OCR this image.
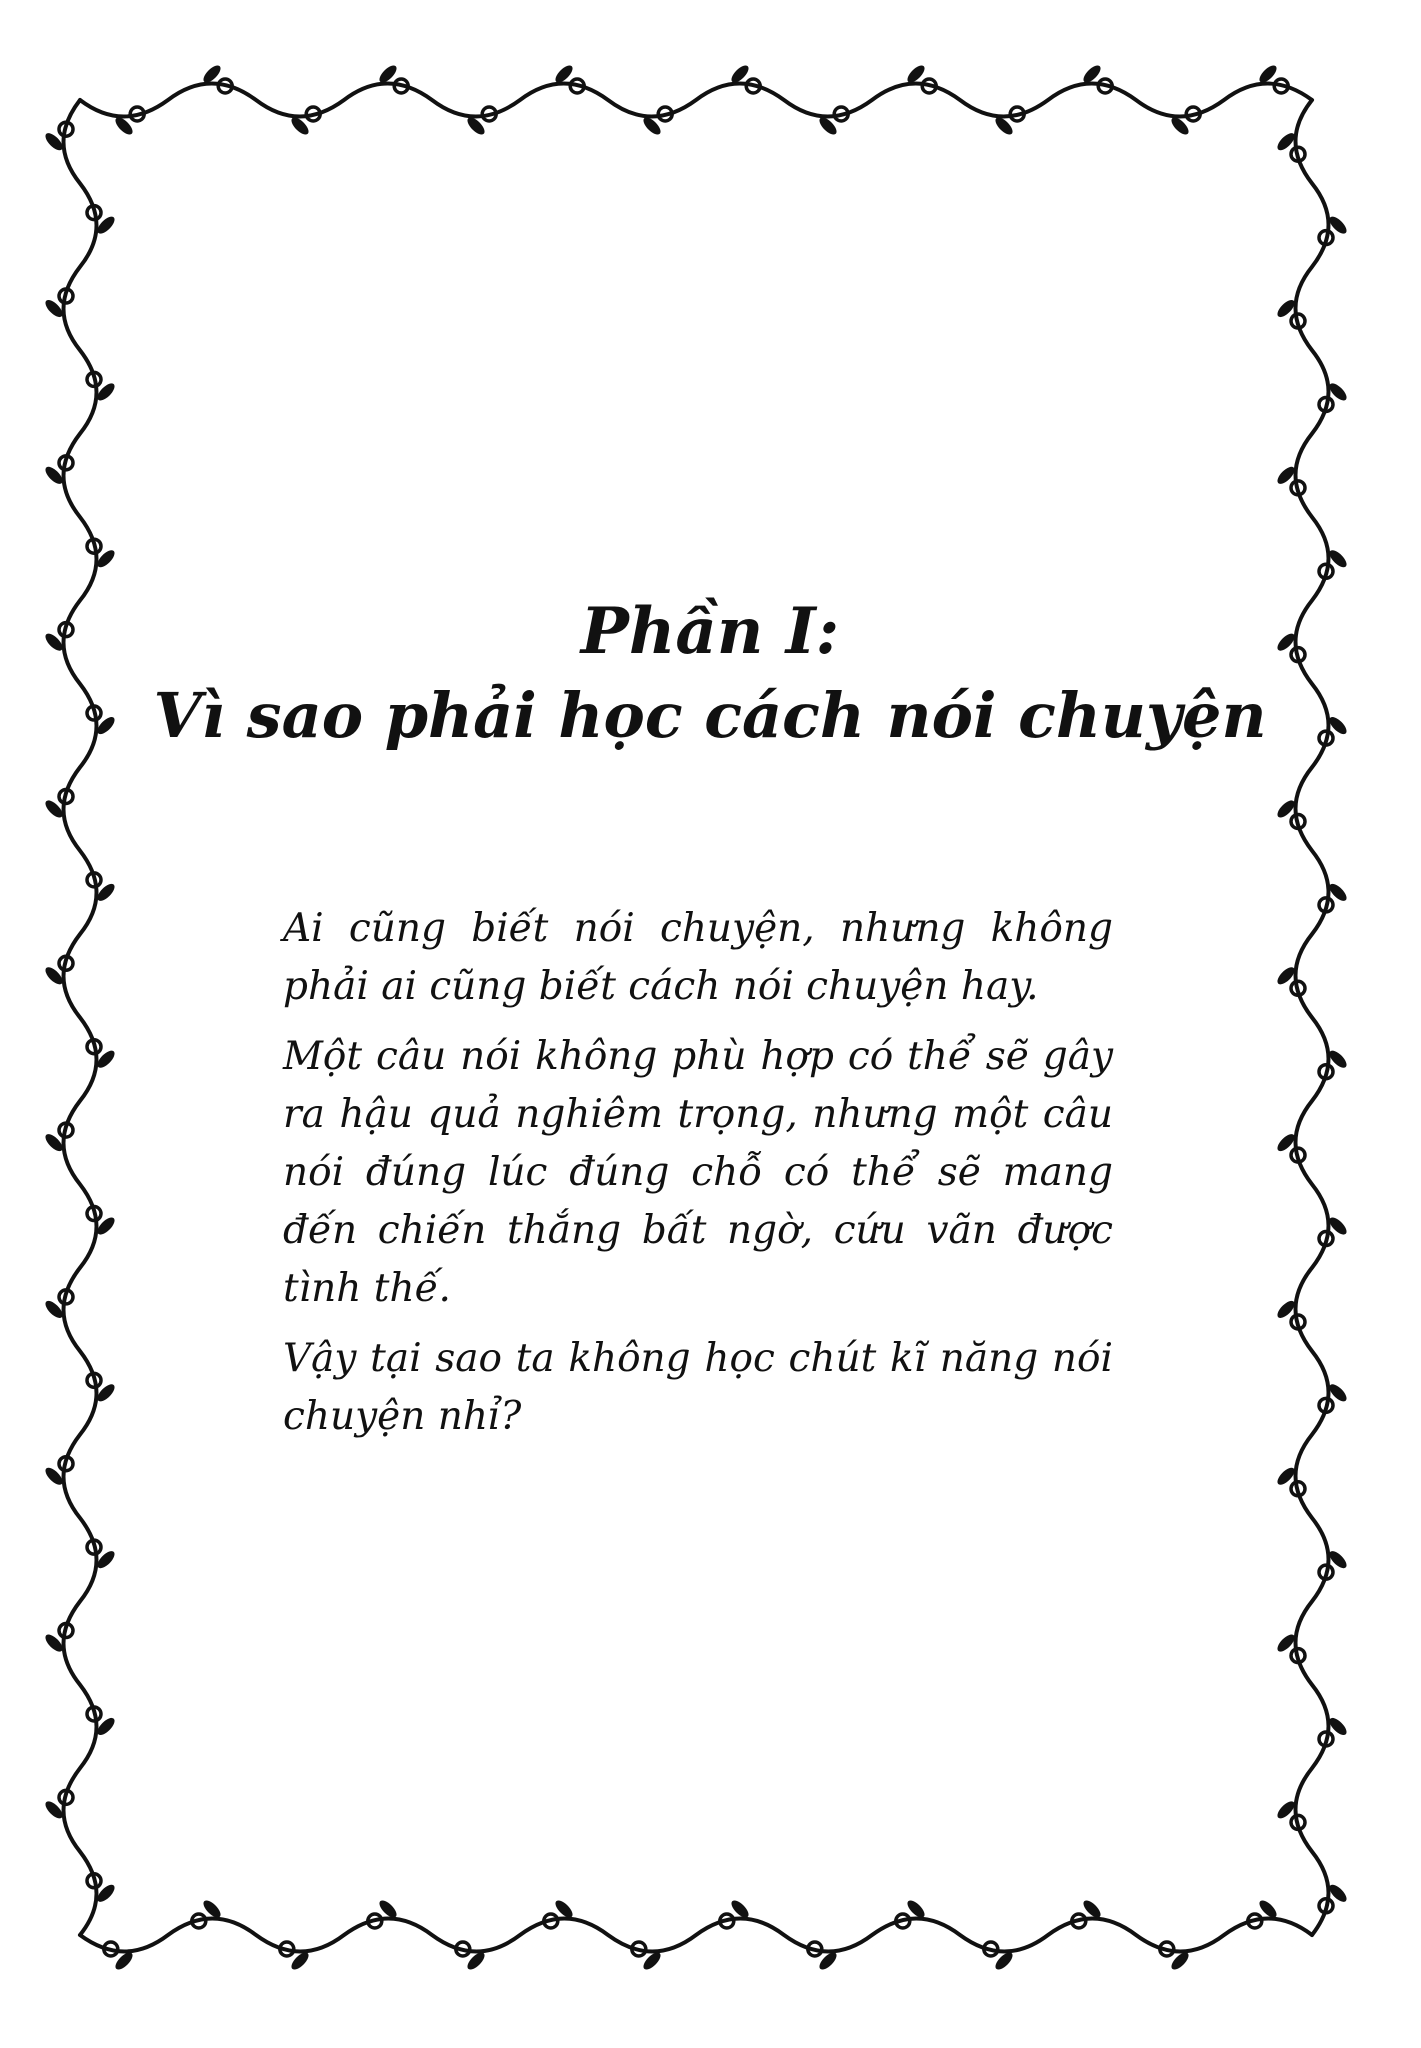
Phần I:
Vì sao phải học cách nói chuyện

Ai cũng biết nói chuyện, nhưng không phải ai cũng biết cách nói chuyện hay.

Một câu nói không phù hợp có thể sẽ gây ra hậu quả nghiêm trọng, nhưng một câu nói đúng lúc đúng chỗ có thể sẽ mang đến chiến thắng bất ngờ, cứu vãn được tình thế.

Vậy tại sao ta không học chút kĩ năng nói chuyện nhỉ?
